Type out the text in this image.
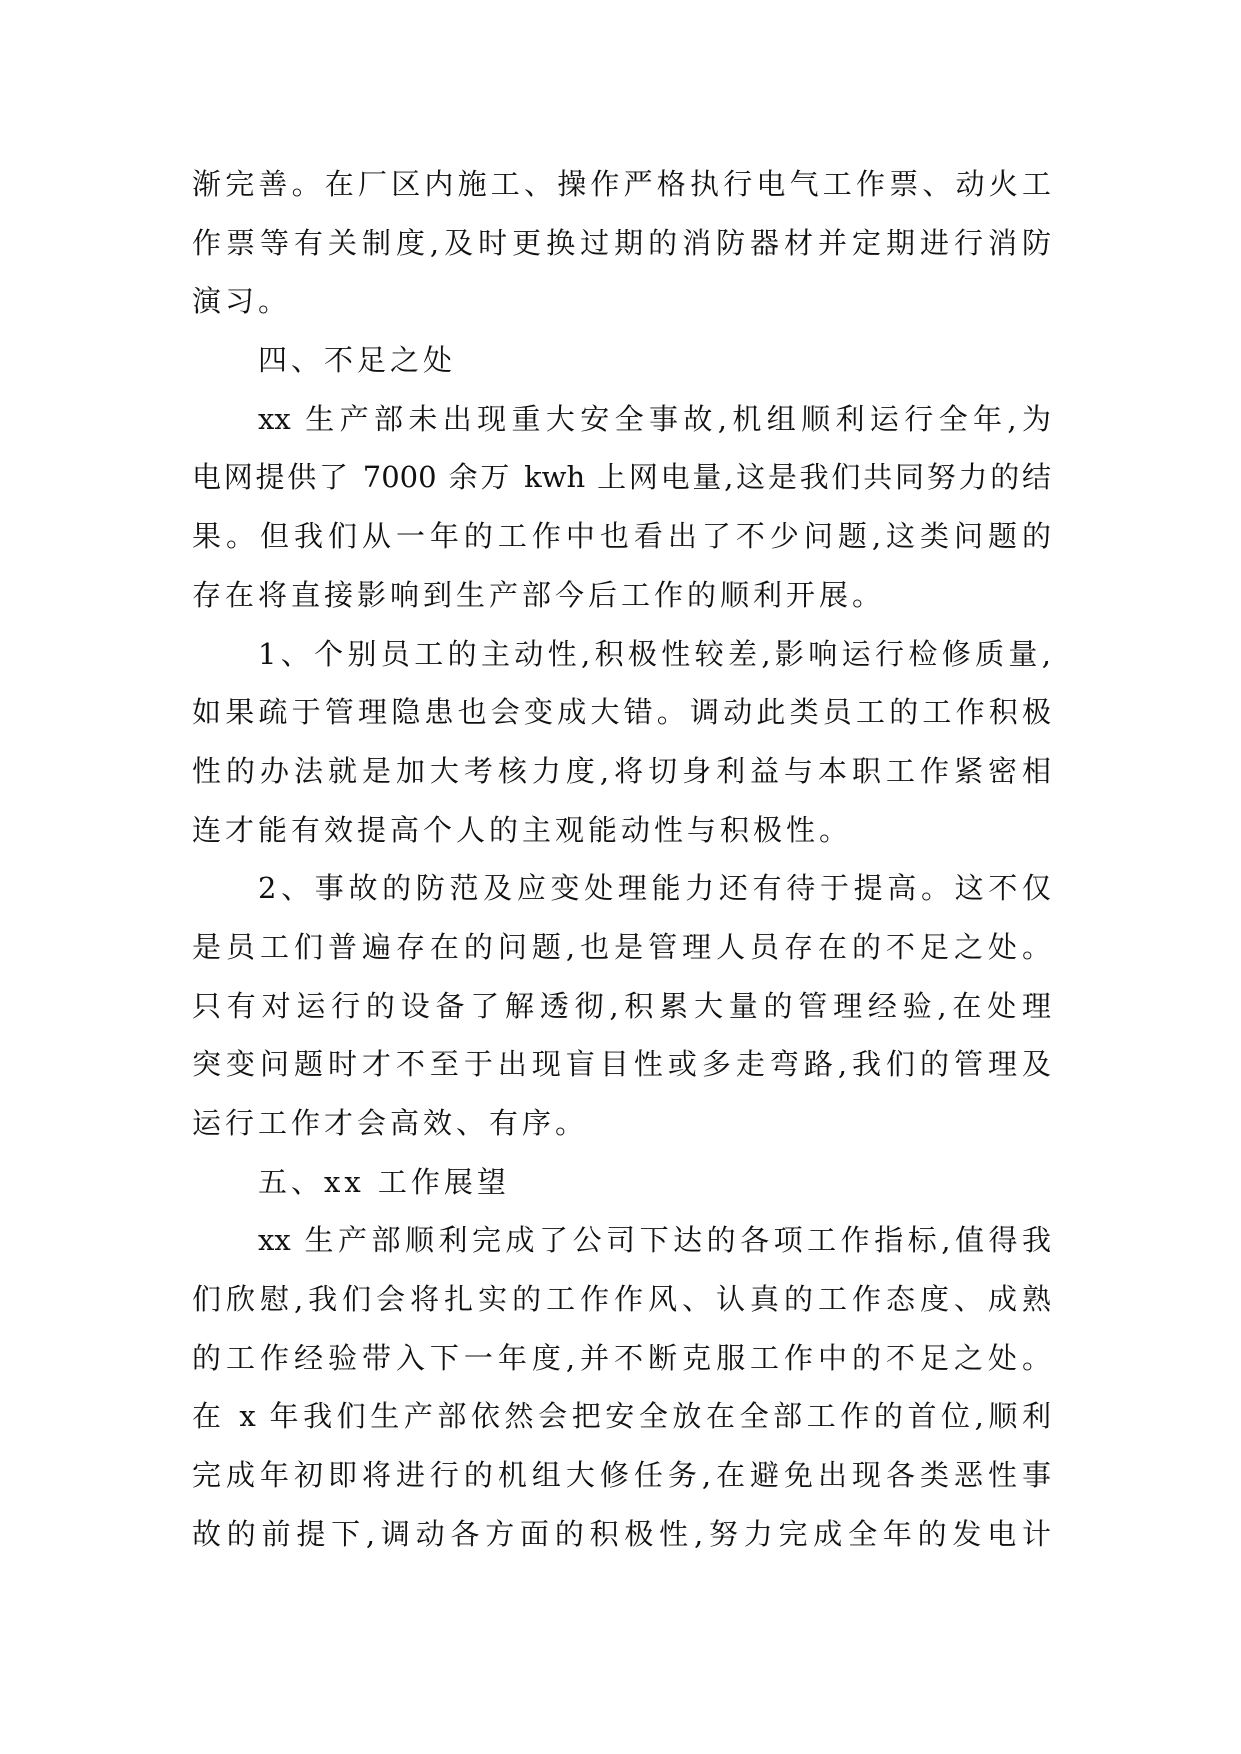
渐完善。在厂区内施工、操作严格执行电气工作票、动火工
作票等有关制度,及时更换过期的消防器材并定期进行消防
演习。
四、不足之处
xx 生产部未出现重大安全事故,机组顺利运行全年,为
电网提供了 7000 余万 kwh 上网电量,这是我们共同努力的结
果。但我们从一年的工作中也看出了不少问题,这类问题的
存在将直接影响到生产部今后工作的顺利开展。
1、个别员工的主动性,积极性较差,影响运行检修质量,
如果疏于管理隐患也会变成大错。调动此类员工的工作积极
性的办法就是加大考核力度,将切身利益与本职工作紧密相
连才能有效提高个人的主观能动性与积极性。
2、事故的防范及应变处理能力还有待于提高。这不仅
是员工们普遍存在的问题,也是管理人员存在的不足之处。
只有对运行的设备了解透彻,积累大量的管理经验,在处理
突变问题时才不至于出现盲目性或多走弯路,我们的管理及
运行工作才会高效、有序。
五、xx 工作展望
xx 生产部顺利完成了公司下达的各项工作指标,值得我
们欣慰,我们会将扎实的工作作风、认真的工作态度、成熟
的工作经验带入下一年度,并不断克服工作中的不足之处。
在 x 年我们生产部依然会把安全放在全部工作的首位,顺利
完成年初即将进行的机组大修任务,在避免出现各类恶性事
故的前提下,调动各方面的积极性,努力完成全年的发电计
